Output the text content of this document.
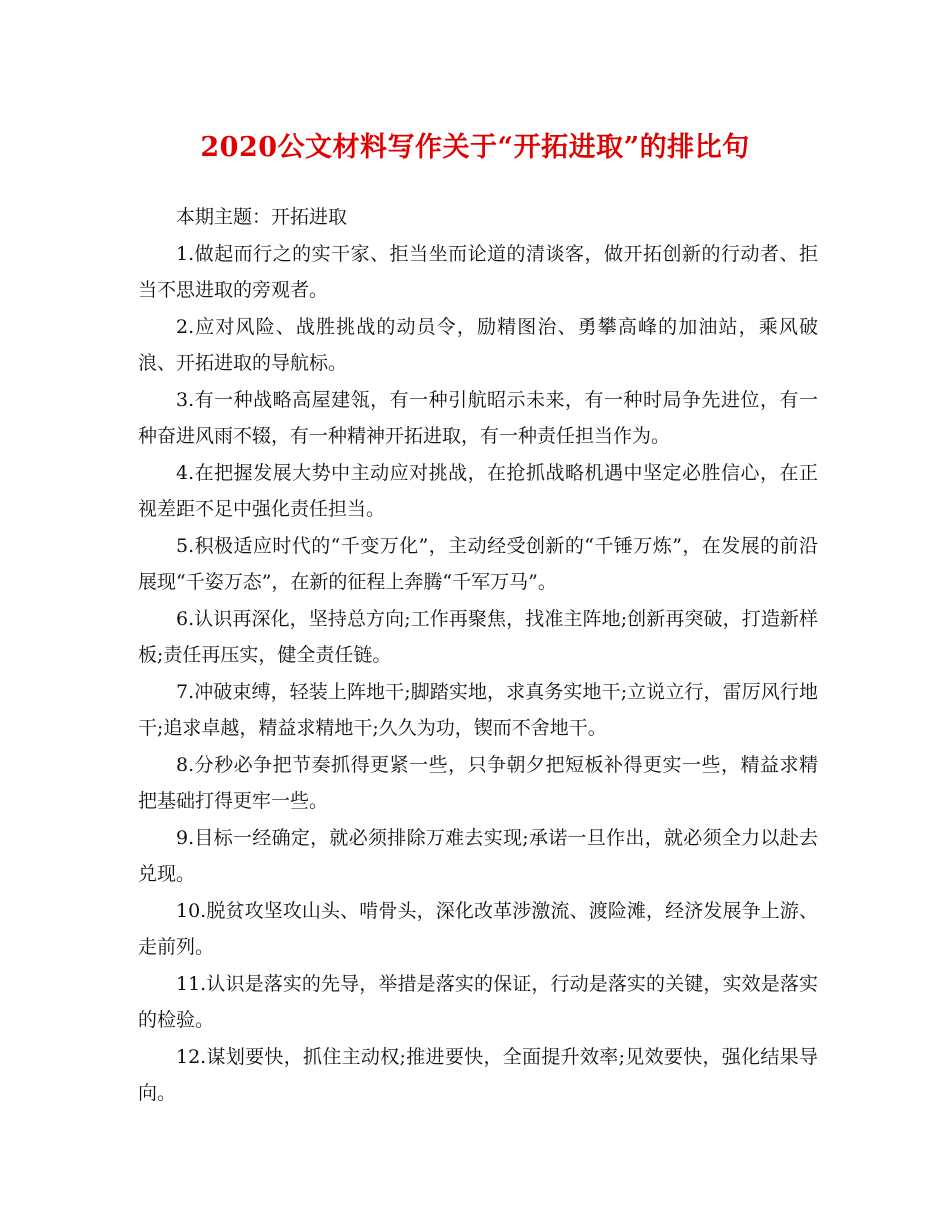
2020公文材料写作关于“开拓进取”的排比句

本期主题：开拓进取

1.做起而行之的实干家、拒当坐而论道的清谈客，做开拓创新的行动者、拒当不思进取的旁观者。

2.应对风险、战胜挑战的动员令，励精图治、勇攀高峰的加油站，乘风破浪、开拓进取的导航标。

3.有一种战略高屋建瓴，有一种引航昭示未来，有一种时局争先进位，有一种奋进风雨不辍，有一种精神开拓进取，有一种责任担当作为。

4.在把握发展大势中主动应对挑战，在抢抓战略机遇中坚定必胜信心，在正视差距不足中强化责任担当。

5.积极适应时代的“千变万化”，主动经受创新的“千锤万炼”，在发展的前沿展现“千姿万态”，在新的征程上奔腾“千军万马”。

6.认识再深化，坚持总方向;工作再聚焦，找准主阵地;创新再突破，打造新样板;责任再压实，健全责任链。

7.冲破束缚，轻装上阵地干;脚踏实地，求真务实地干;立说立行，雷厉风行地干;追求卓越，精益求精地干;久久为功，锲而不舍地干。

8.分秒必争把节奏抓得更紧一些，只争朝夕把短板补得更实一些，精益求精把基础打得更牢一些。

9.目标一经确定，就必须排除万难去实现;承诺一旦作出，就必须全力以赴去兑现。

10.脱贫攻坚攻山头、啃骨头，深化改革涉激流、渡险滩，经济发展争上游、走前列。

11.认识是落实的先导，举措是落实的保证，行动是落实的关键，实效是落实的检验。

12.谋划要快，抓住主动权;推进要快，全面提升效率;见效要快，强化结果导向。
